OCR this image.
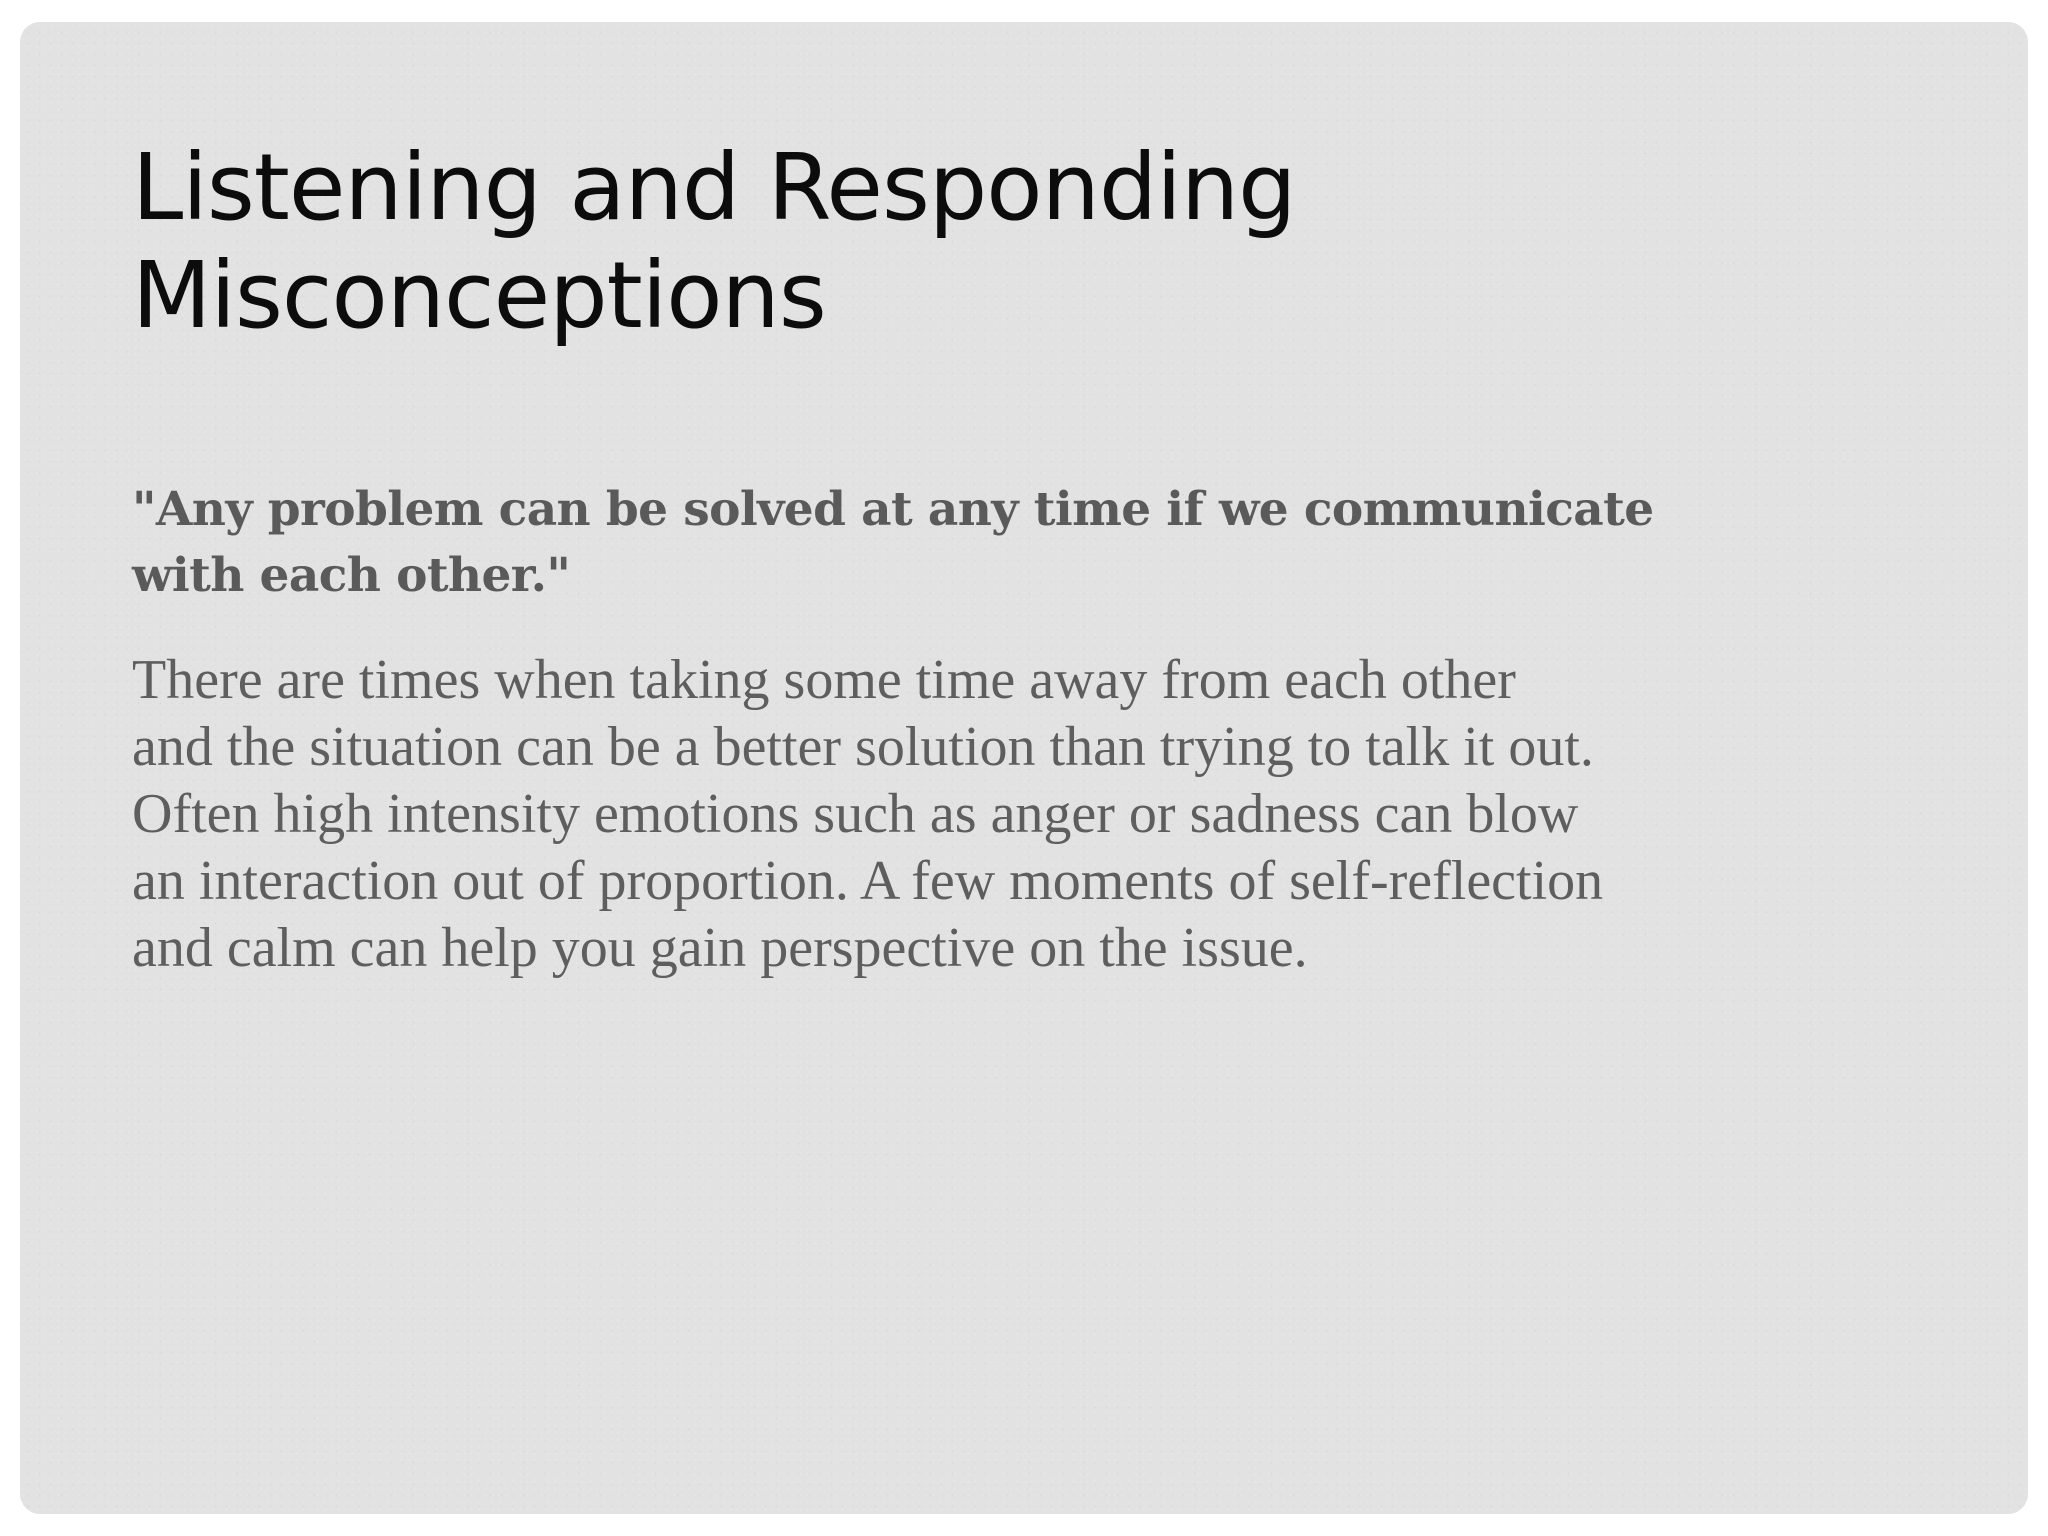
Listening and Responding
Misconceptions

"Any problem can be solved at any time if we communicate
with each other."

There are times when taking some time away from each other
and the situation can be a better solution than trying to talk it out.
Often high intensity emotions such as anger or sadness can blow
an interaction out of proportion. A few moments of self-reflection
and calm can help you gain perspective on the issue.
